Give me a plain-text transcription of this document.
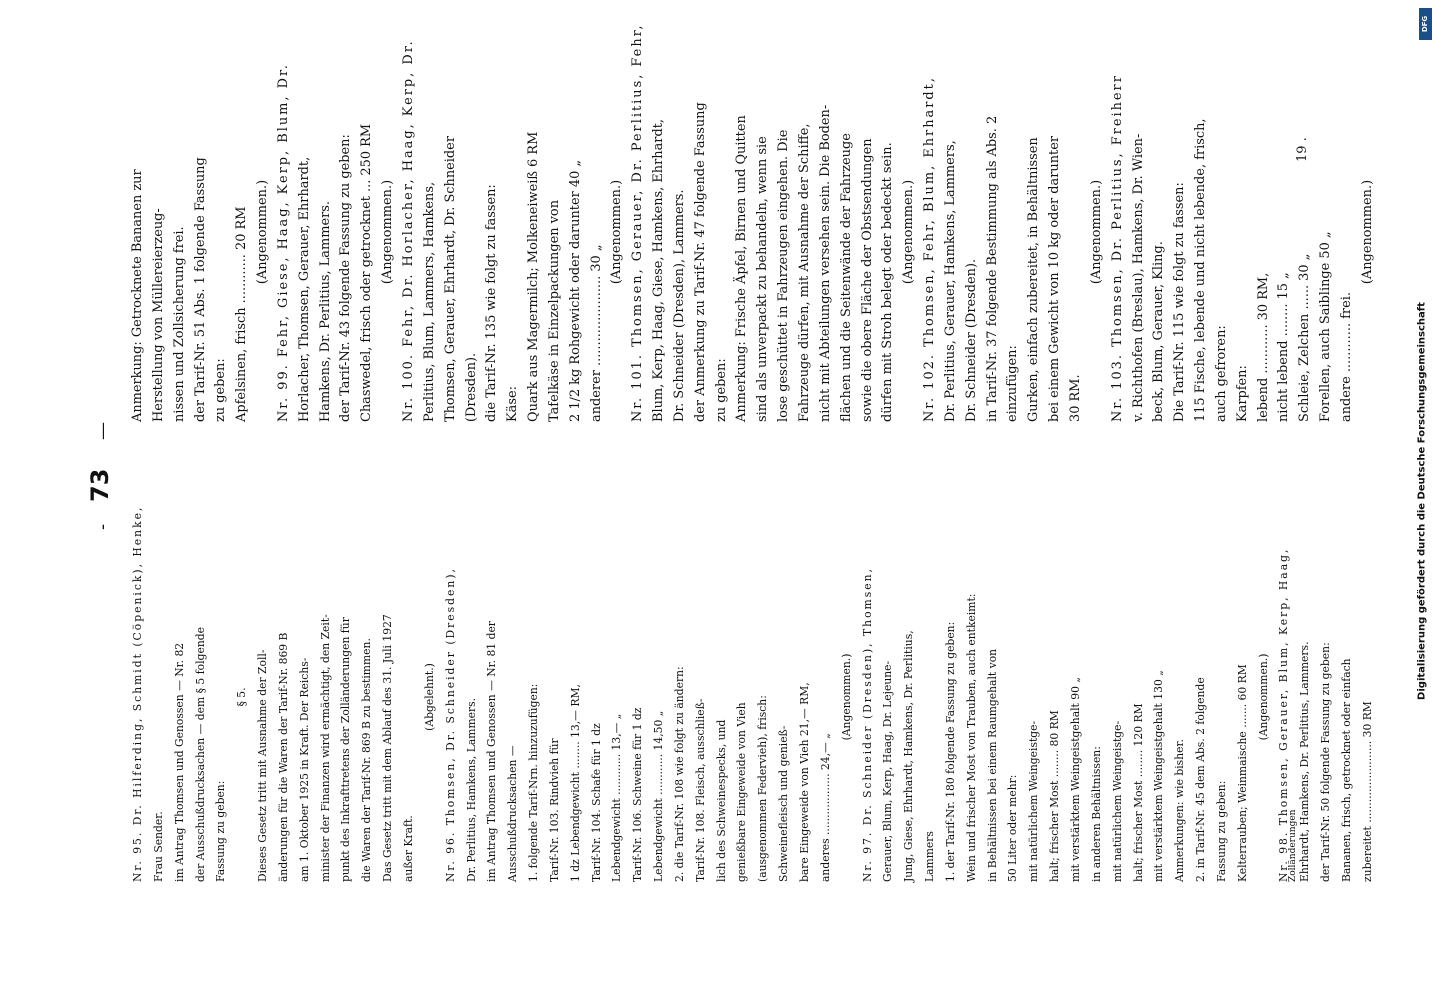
-
73
—
Nr. 95. Dr. Hilferding, Schmidt (Cöpenick), Henke, Frau Sender. im Antrag Thomsen und Genossen — Nr. 82 der Ausschußdrucksachen — dem § 5 folgende Fassung zu geben:
§ 5. Dieses Gesetz tritt mit Ausnahme der Zoll- änderungen für die Waren der Tarif-Nr. 869 B am 1. Oktober 1925 in Kraft. Der Reichs- minister der Finanzen wird ermächtigt, den Zeit- punkt des Inkrafttretens der Zolländerungen für die Waren der Tarif-Nr. 869 B zu bestimmen. Das Gesetz tritt mit dem Ablauf des 31. Juli 1927 außer Kraft.
(Abgelehnt.) Nr. 96. Thomsen, Dr. Schneider (Dresden), Dr. Perlitius, Hamkens, Lammers. im Antrag Thomsen und Genossen — Nr. 81 der Ausschußdrucksachen — 1. folgende Tarif-Nrn. hinzuzufügen: Tarif-Nr. 103. Rindvieh für 1 dz Lebendgewicht ........ 13,— RM, Tarif-Nr. 104. Schafe für 1 dz Lebendgewicht ............ 13,— „ Tarif-Nr. 106. Schweine für 1 dz Lebendgewicht ............ 14,50 „ 2. die Tarif-Nr. 108 wie folgt zu ändern: Tarif-Nr. 108. Fleisch, ausschließ- lich des Schweinespecks, und genießbare Eingeweide von Vieh (ausgenommen Federvieh), frisch: Schweinefleisch und genieß- bare Eingeweide von Vieh 21,— RM, anderes .................. 24,— „
(Angenommen.) Nr. 97. Dr. Schneider (Dresden), Thomsen, Gerauer, Blum, Kerp, Haag, Dr. Lejeune- Jung, Giese, Ehrhardt, Hamkens, Dr. Perlitius, Lammers 1. der Tarif-Nr. 180 folgende Fassung zu geben: Wein und frischer Most von Trauben, auch entkeimt: in Behältnissen bei einem Raumgehalt von 50 Liter oder mehr: mit natürlichem Weingeistge- halt; frischer Most ........ 80 RM mit verstärktem Weingeistgehalt 90 „ in anderen Behältnissen: mit natürlichem Weingeistge- halt; frischer Most ........ 120 RM mit verstärktem Weingeistgehalt 130 „ Anmerkungen: wie bisher. 2. in Tarif-Nr. 45 dem Abs. 2 folgende Fassung zu geben: Kelterrauben; Weinmaische ....... 60 RM (Angenommen.) Nr. 98. Thomsen, Gerauer, Blum, Kerp, Haag, Ehrhardt, Hamkens, Dr. Perlitius, Lammers. der Tarif-Nr. 50 folgende Fassung zu geben: Bananen, frisch, getrocknet oder einfach zubereitet ........................ 30 RM
Anmerkung: Getrocknete Bananen zur Herstellung von Müllereierzeug- nissen und Zollsicherung frei. der Tarif-Nr. 51 Abs. 1 folgende Fassung zu geben: Apfelsinen, frisch ............ 20 RM (Angenommen.) Nr. 99. Fehr, Giese, Haag, Kerp, Blum, Dr. Horlacher, Thomsen, Gerauer, Ehrhardt, Hamkens, Dr. Perlitius, Lammers. der Tarif-Nr. 43 folgende Fassung zu geben: Chaswedel, frisch oder getrocknet ... 250 RM (Angenommen.) Nr. 100. Fehr, Dr. Horlacher, Haag, Kerp, Dr. Perlitius, Blum, Lammers, Hamkens, Thomsen, Gerauer, Ehrhardt, Dr. Schneider (Dresden). die Tarif-Nr. 135 wie folgt zu fassen: Käse: Quark aus Magermilch; Molkeneiweiß 6 RM Tafelkäse in Einzelpackungen von 2 1/2 kg Rohgewicht oder darunter 40 „ anderer ...................... 30 „
(Angenommen.) Nr. 101. Thomsen, Gerauer, Dr. Perlitius, Fehr, Blum, Kerp, Haag, Giese, Hamkens, Ehrhardt, Dr. Schneider (Dresden), Lammers. der Anmerkung zu Tarif-Nr. 47 folgende Fassung zu geben: Anmerkung: Frische Äpfel, Birnen und Quitten sind als unverpackt zu behandeln, wenn sie lose geschüttet in Fahrzeugen eingehen. Die Fahrzeuge dürfen, mit Ausnahme der Schiffe, nicht mit Abteilungen versehen sein. Die Boden- flächen und die Seitenwände der Fahrzeuge sowie die obere Fläche der Obstsendungen dürfen mit Stroh belegt oder bedeckt sein. (Angenommen.) Nr. 102. Thomsen, Fehr, Blum, Ehrhardt, Dr. Perlitius, Gerauer, Hamkens, Lammers, Dr. Schneider (Dresden). in Tarif-Nr. 37 folgende Bestimmung als Abs. 2 einzufügen: Gurken, einfach zubereitet, in Behältnissen bei einem Gewicht von 10 kg oder darunter 30 RM.
(Angenommen.) Nr. 103. Thomsen, Dr. Perlitius, Freiherr v. Richthofen (Breslau), Hamkens, Dr. Wien- beck, Blum, Gerauer, Kling. Die Tarif-Nr. 115 wie folgt zu fassen: 115 Fische, lebende und nicht lebende, frisch, auch gefroren: Karpfen: lebend ............ 30 RM, nicht lebend ........ 15 „ Schleie, Zelchen ...... 30 „ Forellen, auch Saiblinge 50 „ andere ............ frei.
(Angenommen.)
Zolländerungen
19 .
Digitalisierung gefördert durch die Deutsche Forschungsgemeinschaft
DFG
